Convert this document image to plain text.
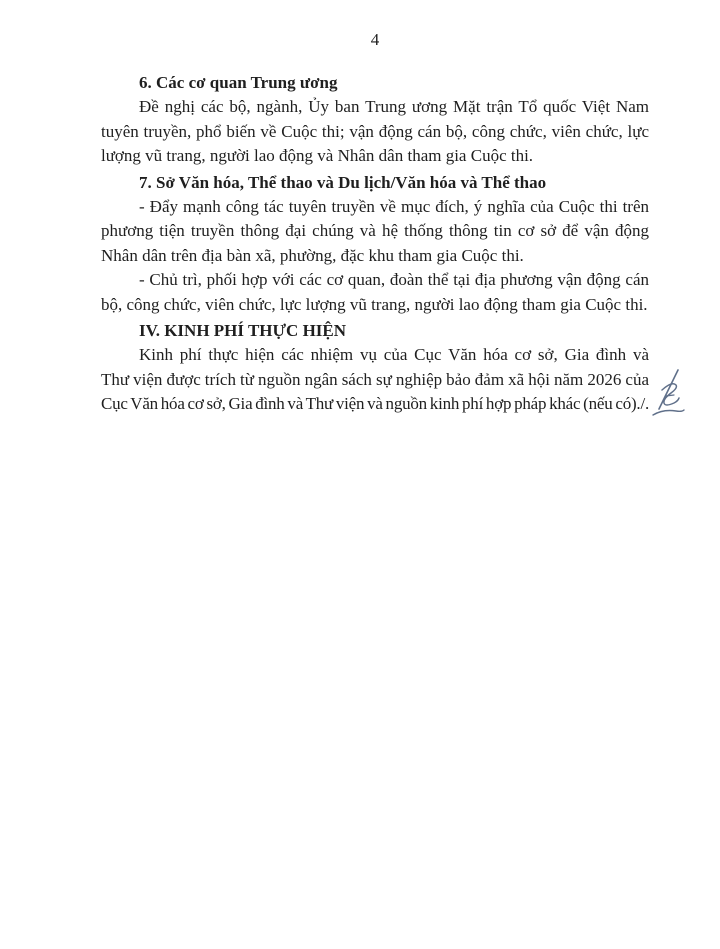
4
6. Các cơ quan Trung ương
Đề nghị các bộ, ngành, Ủy ban Trung ương Mặt trận Tổ quốc Việt Nam
tuyên truyền, phổ biến về Cuộc thi; vận động cán bộ, công chức, viên chức, lực
lượng vũ trang, người lao động và Nhân dân tham gia Cuộc thi.
7. Sở Văn hóa, Thể thao và Du lịch/Văn hóa và Thể thao
- Đẩy mạnh công tác tuyên truyền về mục đích, ý nghĩa của Cuộc thi trên
phương tiện truyền thông đại chúng và hệ thống thông tin cơ sở để vận động
Nhân dân trên địa bàn xã, phường, đặc khu tham gia Cuộc thi.
- Chủ trì, phối hợp với các cơ quan, đoàn thể tại địa phương vận động cán
bộ, công chức, viên chức, lực lượng vũ trang, người lao động tham gia Cuộc thi.
IV. KINH PHÍ THỰC HIỆN
Kinh phí thực hiện các nhiệm vụ của Cục Văn hóa cơ sở, Gia đình và
Thư viện được trích từ nguồn ngân sách sự nghiệp bảo đảm xã hội năm 2026 của
Cục Văn hóa cơ sở, Gia đình và Thư viện và nguồn kinh phí hợp pháp khác (nếu có)./.
